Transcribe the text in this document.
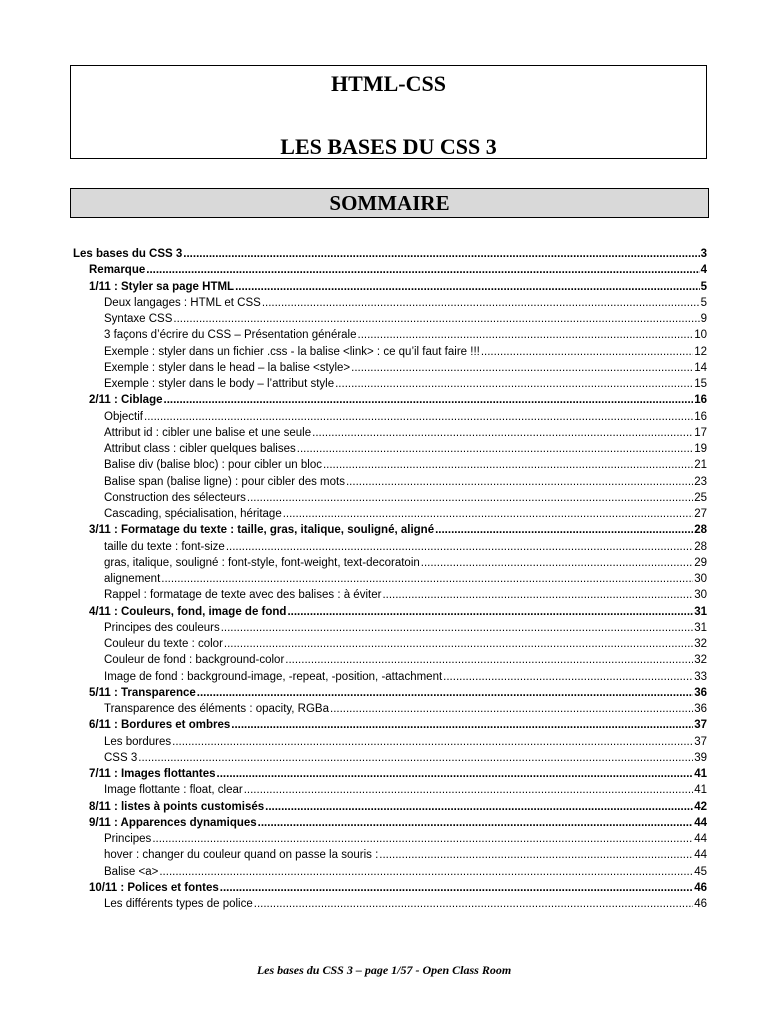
HTML-CSS
LES BASES DU CSS 3
SOMMAIRE
Les bases du CSS 3 .....	3
Remarque .....	4
1/11 : Styler sa page HTML .....	5
Deux langages : HTML et CSS .....	5
Syntaxe CSS .....	9
3 façons d’écrire du CSS – Présentation générale .....	10
Exemple : styler dans un fichier .css - la balise <link> : ce qu’il faut faire !!! .....	12
Exemple : styler dans le head – la balise <style> .....	14
Exemple : styler dans le body – l’attribut style .....	15
2/11 : Ciblage .....	16
Objectif .....	16
Attribut id : cibler une balise et une seule .....	17
Attribut class : cibler quelques balises .....	19
Balise div (balise bloc) : pour cibler un bloc .....	21
Balise span (balise ligne) : pour cibler des mots .....	23
Construction des sélecteurs .....	25
Cascading, spécialisation, héritage .....	27
3/11 : Formatage du texte : taille, gras, italique, souligné, aligné .....	28
taille du texte : font-size .....	28
gras, italique, souligné : font-style, font-weight, text-decoratoin .....	29
alignement .....	30
Rappel : formatage de texte avec des balises : à éviter .....	30
4/11 : Couleurs, fond, image de fond .....	31
Principes des couleurs .....	31
Couleur du texte : color .....	32
Couleur de fond : background-color .....	32
Image de fond : background-image, -repeat, -position, -attachment .....	33
5/11 : Transparence .....	36
Transparence des éléments : opacity, RGBa .....	36
6/11 : Bordures et ombres .....	37
Les bordures .....	37
CSS 3 .....	39
7/11 : Images flottantes .....	41
Image flottante : float, clear .....	41
8/11 : listes à points customisés .....	42
9/11 : Apparences dynamiques .....	44
Principes .....	44
hover : changer du couleur quand on passe la souris : .....	44
Balise <a> .....	45
10/11 : Polices et fontes .....	46
Les différents types de police .....	46
Les bases du CSS 3 – page 1/57 - Open Class Room
